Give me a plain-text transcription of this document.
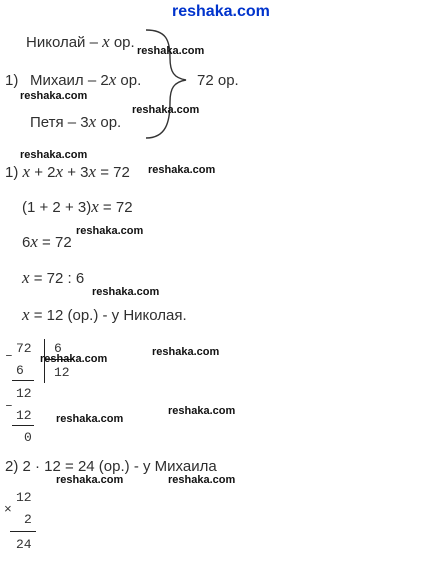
reshaka.com
Николай – x ор.
1) Михаил – 2x ор.
Петя – 3x ор.
72 ор.
1) x + 2x + 3x = 72
(1 + 2 + 3)x = 72
6x = 72
x = 72 : 6
x = 12 (ор.) - у Николая.
– 72 6
6 12
–
12
12
0
2) 2 · 12 = 24 (ор.) - у Михаила
×
12
2
24
reshaka.com
reshaka.com
reshaka.com
reshaka.com
reshaka.com
reshaka.com
reshaka.com
reshaka.com
reshaka.com
reshaka.com
reshaka.com
reshaka.com	reshaka.com
